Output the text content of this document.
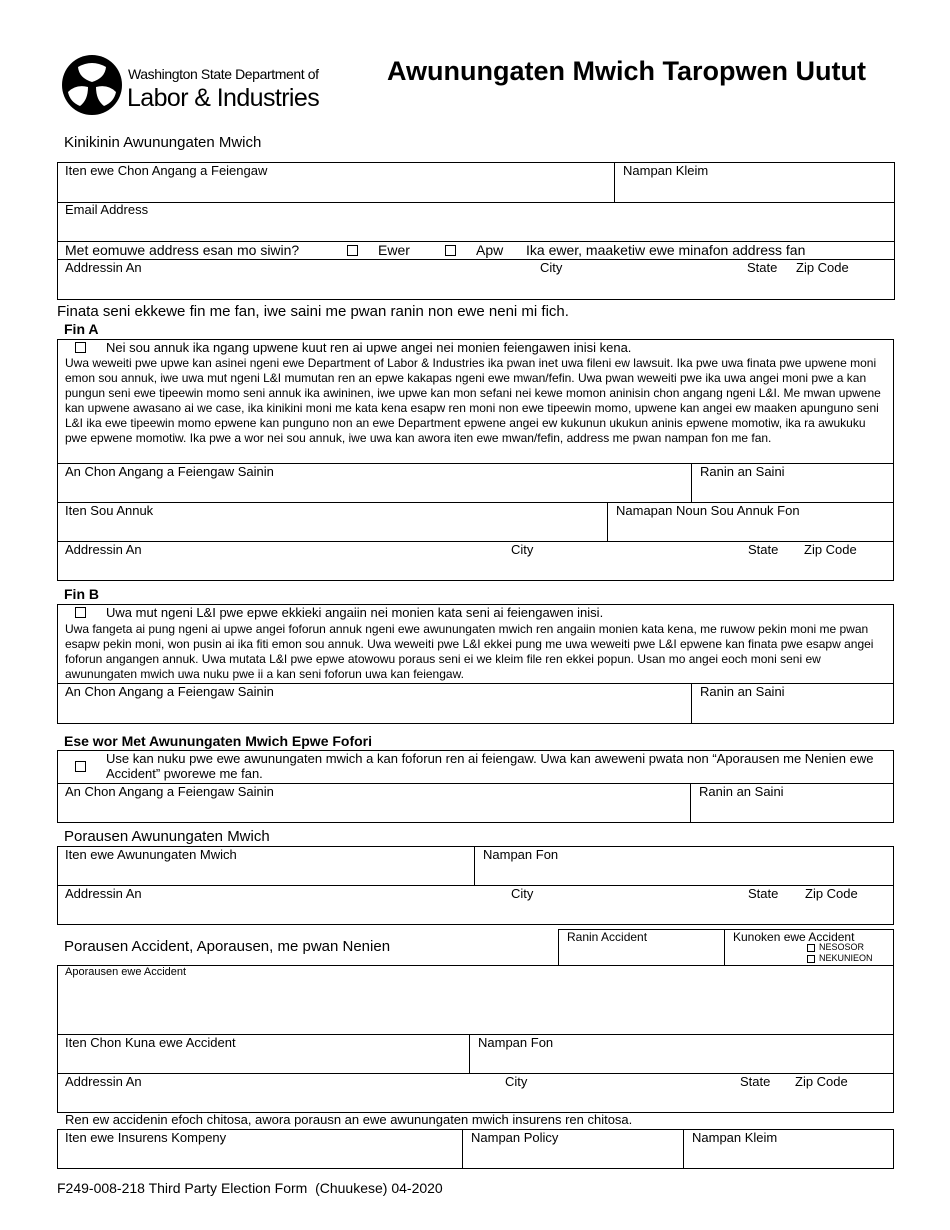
Washington State Department of
Labor & Industries
Awunungaten Mwich Taropwen Uutut
Kinikinin Awunungaten Mwich
Iten ewe Chon Angang a Feiengaw	Nampan Kleim
Email Address
Met eomuwe address esan mo siwin?	Ewer	Apw Ika ewer, maaketiw ewe minafon address fan
Addressin An	City	State Zip Code
Finata seni ekkewe fin me fan, iwe saini me pwan ranin non ewe neni mi fich.
Fin A
Nei sou annuk ika ngang upwene kuut ren ai upwe angei nei monien feiengawen inisi kena.
Uwa weweiti pwe upwe kan asinei ngeni ewe Department of Labor & Industries ika pwan inet uwa fileni ew lawsuit. Ika pwe uwa finata pwe upwene moni emon sou annuk, iwe uwa mut ngeni L&I mumutan ren an epwe kakapas ngeni ewe mwan/fefin. Uwa pwan weweiti pwe ika uwa angei moni pwe a kan pungun seni ewe tipeewin momo seni annuk ika awininen, iwe upwe kan mon sefani nei kewe momon aninisin chon angang ngeni L&I. Me mwan upwene kan upwene awasano ai we case, ika kinikini moni me kata kena esapw ren moni non ewe tipeewin momo, upwene kan angei ew maaken apunguno seni L&I ika ewe tipeewin momo epwene kan punguno non an ewe Department epwene angei ew kukunun ukukun aninis epwene momotiw, ika ra awukuku pwe epwene momotiw. Ika pwe a wor nei sou annuk, iwe uwa kan awora iten ewe mwan/fefin, address me pwan nampan fon me fan.
An Chon Angang a Feiengaw Sainin	Ranin an Saini
Iten Sou Annuk	Namapan Noun Sou Annuk Fon
Addressin An	City	State Zip Code
Fin B
Uwa mut ngeni L&I pwe epwe ekkieki angaiin nei monien kata seni ai feiengawen inisi.
Uwa fangeta ai pung ngeni ai upwe angei foforun annuk ngeni ewe awunungaten mwich ren angaiin monien kata kena, me ruwow pekin moni me pwan esapw pekin moni, won pusin ai ika fiti emon sou annuk. Uwa weweiti pwe L&I ekkei pung me uwa weweiti pwe L&I epwene kan finata pwe esapw angei foforun angangen annuk. Uwa mutata L&I pwe epwe atowowu poraus seni ei we kleim file ren ekkei popun. Usan mo angei eoch moni seni ew awunungaten mwich uwa nuku pwe ii a kan seni foforun uwa kan feiengaw.
An Chon Angang a Feiengaw Sainin	Ranin an Saini
Ese wor Met Awunungaten Mwich Epwe Fofori
Use kan nuku pwe ewe awunungaten mwich a kan foforun ren ai feiengaw. Uwa kan aweweni pwata non “Aporausen me Nenien ewe Accident” pworewe me fan.
An Chon Angang a Feiengaw Sainin	Ranin an Saini
Porausen Awunungaten Mwich
Iten ewe Awunungaten Mwich	Nampan Fon
Addressin An	City	State Zip Code
Porausen Accident, Aporausen, me pwan Nenien
Ranin Accident	Kunoken ewe Accident
NESOSOR
NEKUNIEON
Aporausen ewe Accident
Iten Chon Kuna ewe Accident	Nampan Fon
Addressin An	City	State Zip Code
Ren ew accidenin efoch chitosa, awora porausn an ewe awunungaten mwich insurens ren chitosa.
Iten ewe Insurens Kompeny	Nampan Policy	Nampan Kleim
F249-008-218 Third Party Election Form  (Chuukese) 04-2020
